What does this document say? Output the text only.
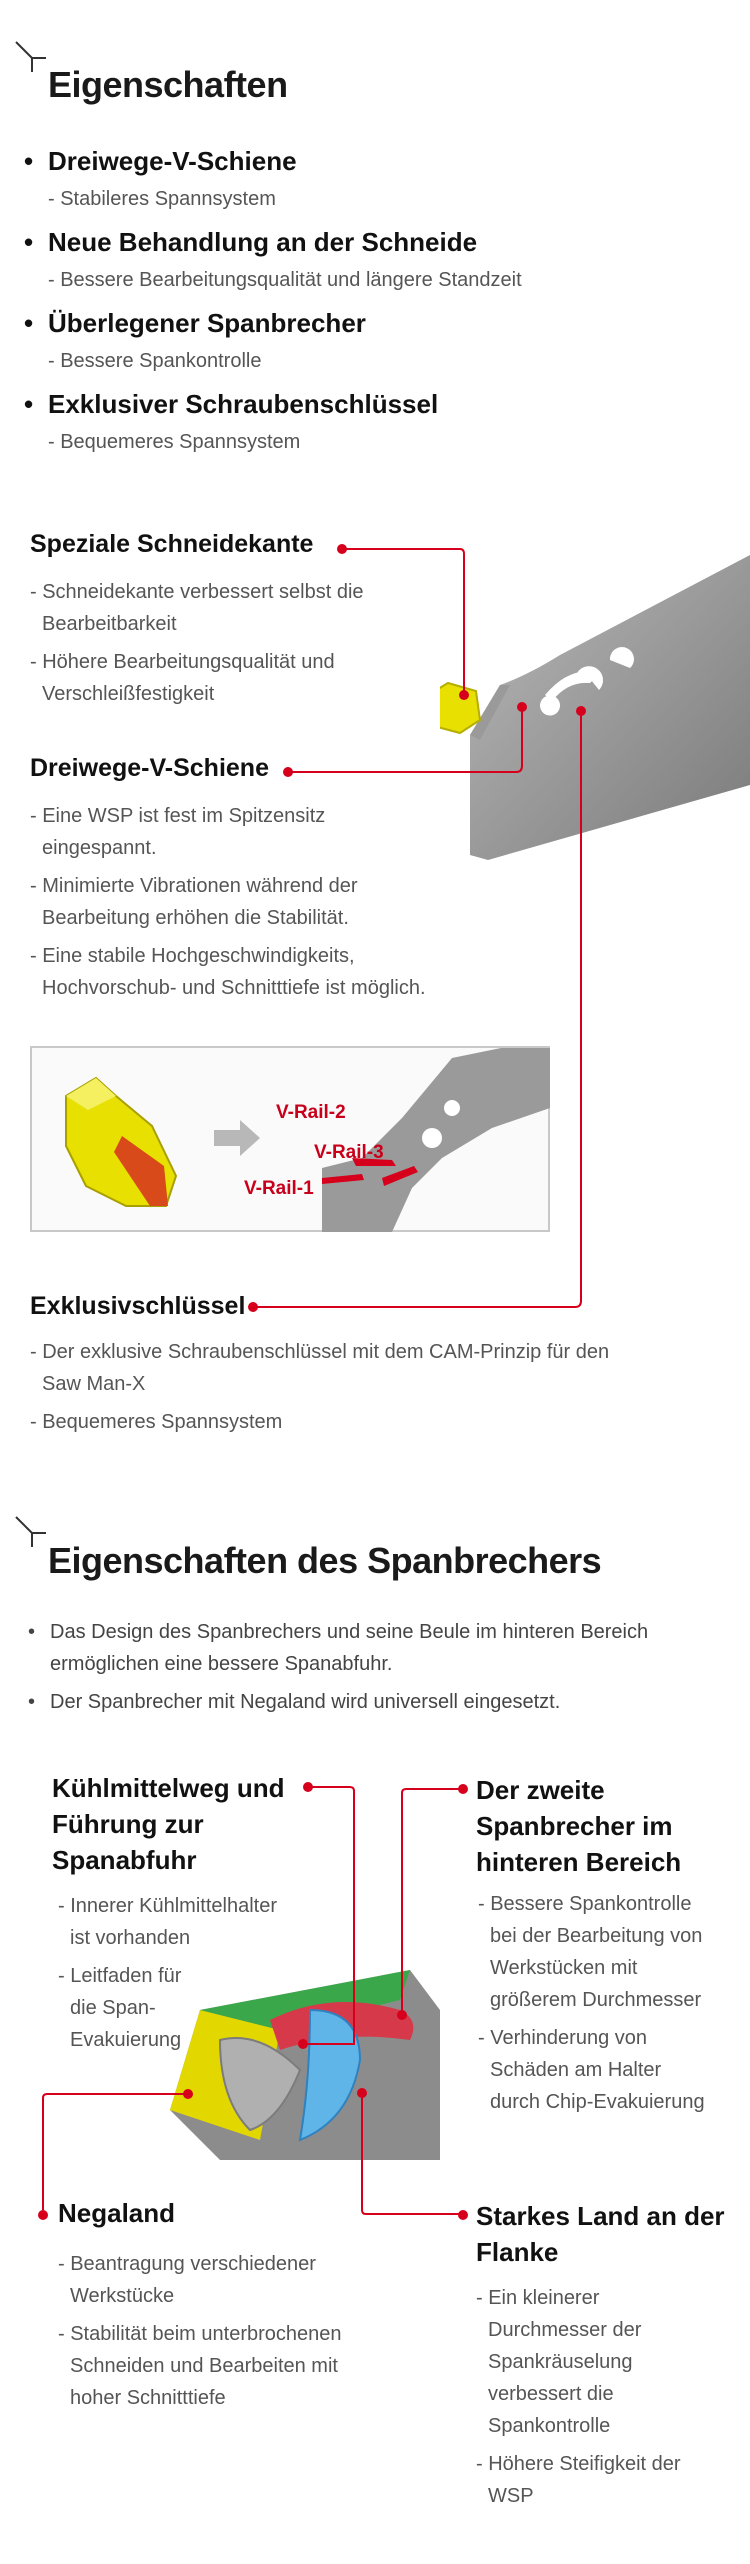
Eigenschaften
• Dreiwege-V-Schiene
- Stabileres Spannsystem
• Neue Behandlung an der Schneide
- Bessere Bearbeitungsqualität und längere Standzeit
• Überlegener Spanbrecher
- Bessere Spankontrolle
• Exklusiver Schraubenschlüssel
- Bequemeres Spannsystem
Speziale Schneidekante
- Schneidekante verbessert selbst die
Bearbeitbarkeit
- Höhere Bearbeitungsqualität und
Verschleißfestigkeit
Dreiwege-V-Schiene
- Eine WSP ist fest im Spitzensitz
eingespannt.
- Minimierte Vibrationen während der
Bearbeitung erhöhen die Stabilität.
- Eine stabile Hochgeschwindigkeits,
Hochvorschub- und Schnitttiefe ist möglich.
V-Rail-2
V-Rail-3
V-Rail-1
Exklusivschlüssel
- Der exklusive Schraubenschlüssel mit dem CAM-Prinzip für den
Saw Man-X
- Bequemeres Spannsystem
Eigenschaften des Spanbrechers
• Das Design des Spanbrechers und seine Beule im hinteren Bereich
ermöglichen eine bessere Spanabfuhr.
• Der Spanbrecher mit Negaland wird universell eingesetzt.
Kühlmittelweg und
Führung zur
Spanabfuhr
- Innerer Kühlmittelhalter
ist vorhanden
- Leitfaden für
die Span-
Evakuierung
Der zweite
Spanbrecher im
hinteren Bereich
- Bessere Spankontrolle
bei der Bearbeitung von
Werkstücken mit
größerem Durchmesser
- Verhinderung von
Schäden am Halter
durch Chip-Evakuierung
Negaland
- Beantragung verschiedener
Werkstücke
- Stabilität beim unterbrochenen
Schneiden und Bearbeiten mit
hoher Schnitttiefe
Starkes Land an der
Flanke
- Ein kleinerer
Durchmesser der
Spankräuselung
verbessert die
Spankontrolle
- Höhere Steifigkeit der
WSP
